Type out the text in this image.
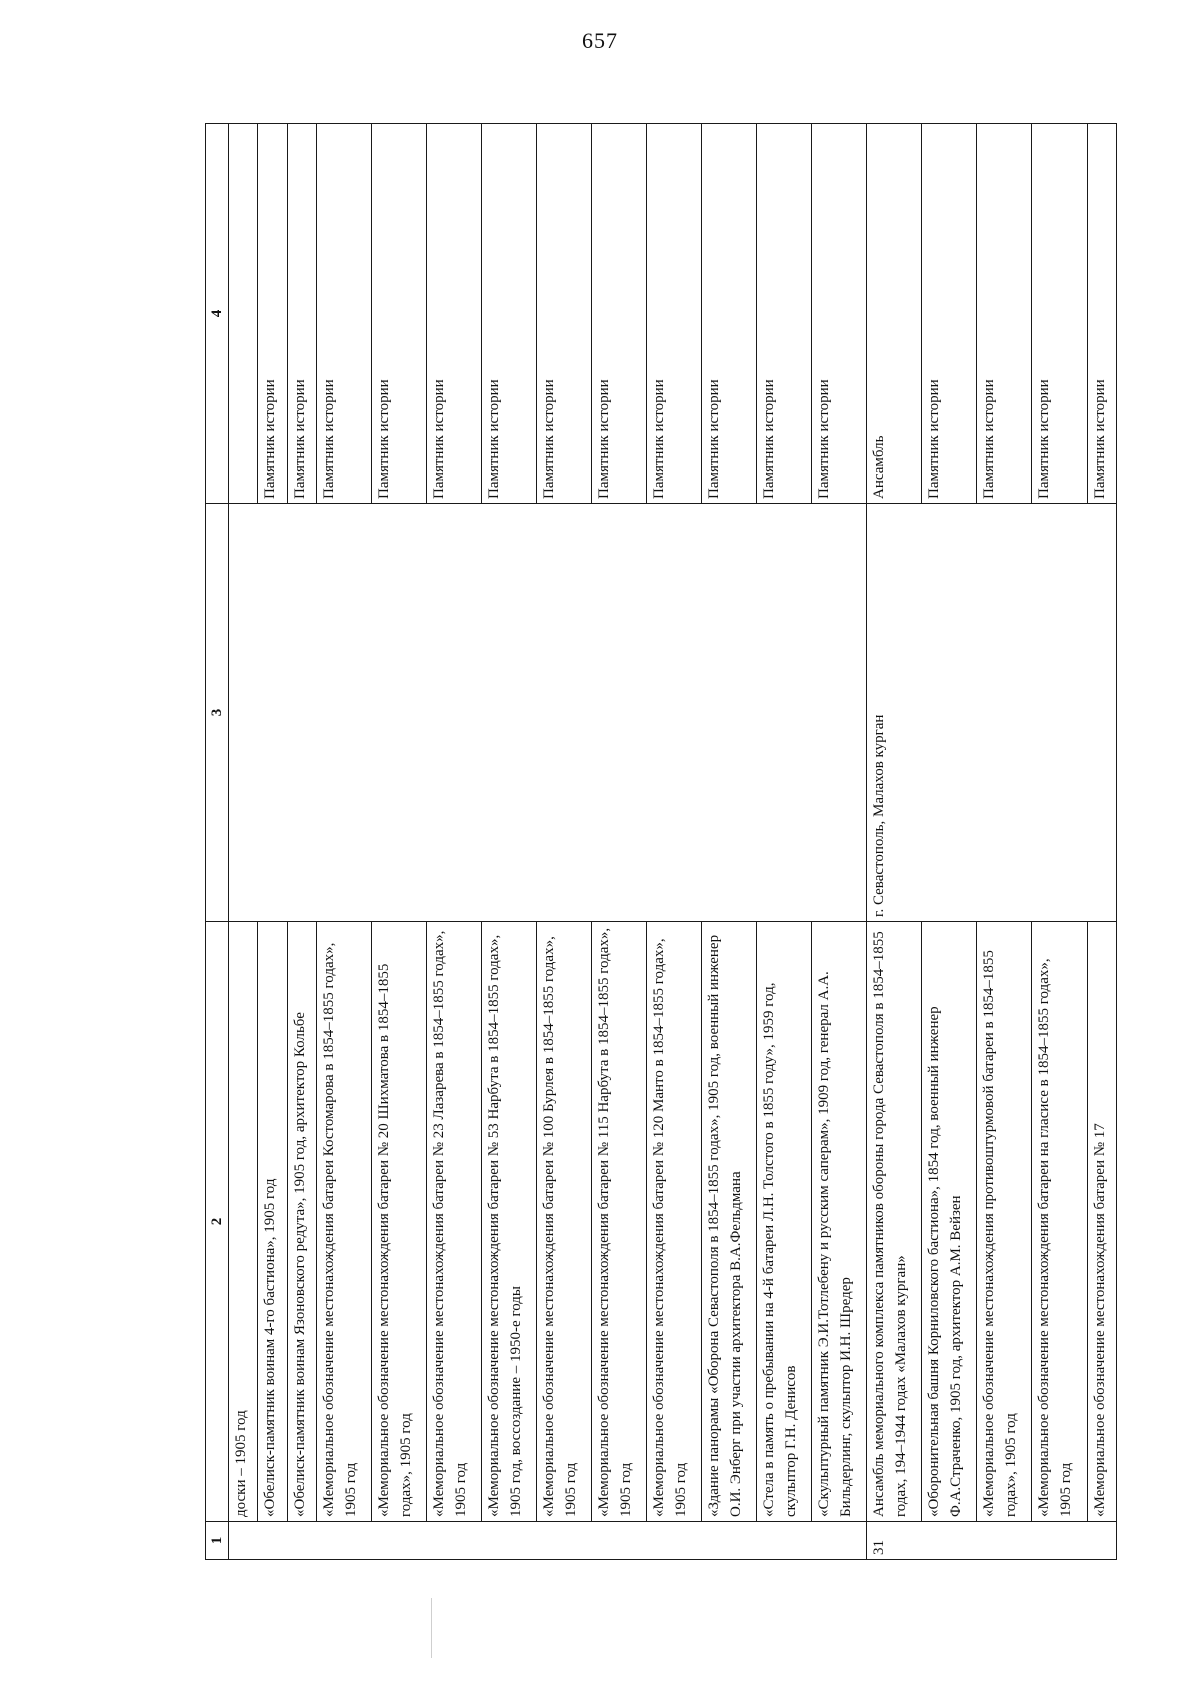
657
1	2	3	4
	доски – 1905 год		
	«Обелиск-памятник воинам 4-го бастиона», 1905 год		Памятник истории
	«Обелиск-памятник воинам Язоновского редута», 1905 год, архитектор Кольбе		Памятник истории
	«Мемориальное обозначение местонахождения батареи Костомарова в 1854–1855 годах», 1905 год		Памятник истории
	«Мемориальное обозначение местонахождения батареи № 20 Шихматова в 1854–1855 годах», 1905 год		Памятник истории
	«Мемориальное обозначение местонахождения батареи № 23 Лазарева в 1854–1855 годах», 1905 год		Памятник истории
	«Мемориальное обозначение местонахождения батареи № 53 Нарбута в 1854–1855 годах», 1905 год, воссоздание – 1950-е годы		Памятник истории
	«Мемориальное обозначение местонахождения батареи № 100 Бурлея в 1854–1855 годах», 1905 год		Памятник истории
	«Мемориальное обозначение местонахождения батареи № 115 Нарбута в 1854–1855 годах», 1905 год		Памятник истории
	«Мемориальное обозначение местонахождения батареи № 120 Манто в 1854–1855 годах», 1905 год		Памятник истории
	«Здание панорамы «Оборона Севастополя в 1854–1855 годах», 1905 год, военный инженер О.И. Энберг при участии архитектора В.А.Фельдмана		Памятник истории
	«Стела в память о пребывании на 4-й батареи Л.Н. Толстого в 1855 году», 1959 год, скульптор Г.Н. Денисов		Памятник истории
	«Скульптурный памятник Э.И.Тотлебену и русским саперам», 1909 год, генерал А.А. Бильдерлинг, скульптор И.Н. Шредер		Памятник истории
31	Ансамбль мемориального комплекса памятников обороны города Севастополя в 1854–1855 годах, 194–1944 годах «Малахов курган»	г. Севастополь, Малахов курган	Ансамбль
	«Оборонительная башня Корниловского бастиона», 1854 год, военный инженер Ф.А.Страченко, 1905 год, архитектор А.М. Вейзен		Памятник истории
	«Мемориальное обозначение местонахождения противоштурмовой батареи в 1854–1855 годах», 1905 год		Памятник истории
	«Мемориальное обозначение местонахождения батареи на гласисе в 1854–1855 годах», 1905 год		Памятник истории
	«Мемориальное обозначение местонахождения батареи № 17		Памятник истории
